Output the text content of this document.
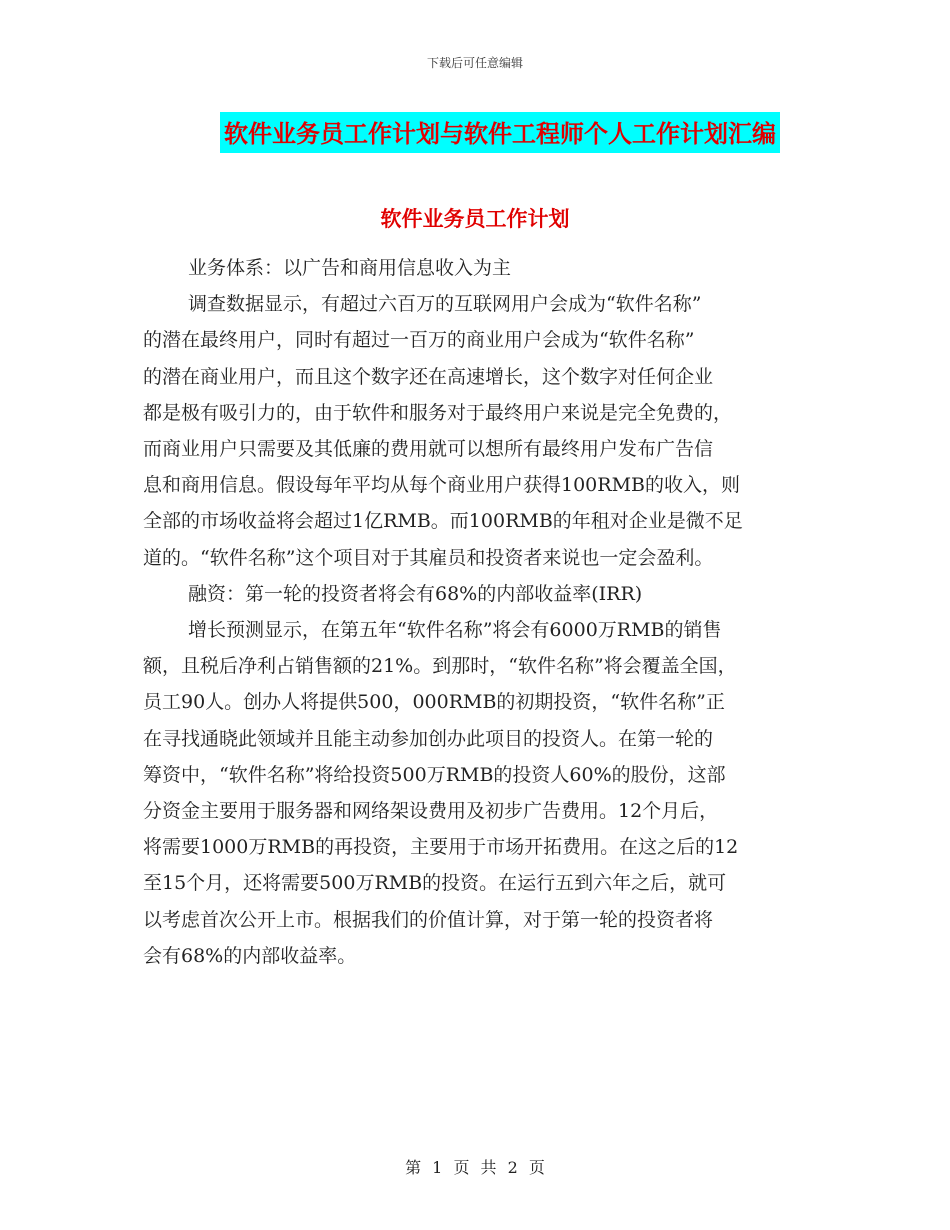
下载后可任意编辑
软件业务员工作计划与软件工程师个人工作计划汇编
软件业务员工作计划

业务体系：以广告和商用信息收入为主

调查数据显示，有超过六百万的互联网用户会成为“软件名称”
的潜在最终用户，同时有超过一百万的商业用户会成为“软件名称”
的潜在商业用户，而且这个数字还在高速增长，这个数字对任何企业
都是极有吸引力的，由于软件和服务对于最终用户来说是完全免费的，
而商业用户只需要及其低廉的费用就可以想所有最终用户发布广告信
息和商用信息。假设每年平均从每个商业用户获得100RMB的收入，则
全部的市场收益将会超过1亿RMB。而100RMB的年租对企业是微不足
道的。“软件名称”这个项目对于其雇员和投资者来说也一定会盈利。

融资：第一轮的投资者将会有68%的内部收益率(IRR)

增长预测显示，在第五年“软件名称”将会有6000万RMB的销售
额，且税后净利占销售额的21%。到那时，“软件名称”将会覆盖全国，
员工90人。创办人将提供500，000RMB的初期投资，“软件名称”正
在寻找通晓此领域并且能主动参加创办此项目的投资人。在第一轮的
筹资中，“软件名称”将给投资500万RMB的投资人60%的股份，这部
分资金主要用于服务器和网络架设费用及初步广告费用。12个月后，
将需要1000万RMB的再投资，主要用于市场开拓费用。在这之后的12
至15个月，还将需要500万RMB的投资。在运行五到六年之后，就可
以考虑首次公开上市。根据我们的价值计算，对于第一轮的投资者将
会有68%的内部收益率。

第 1 页 共 2 页
